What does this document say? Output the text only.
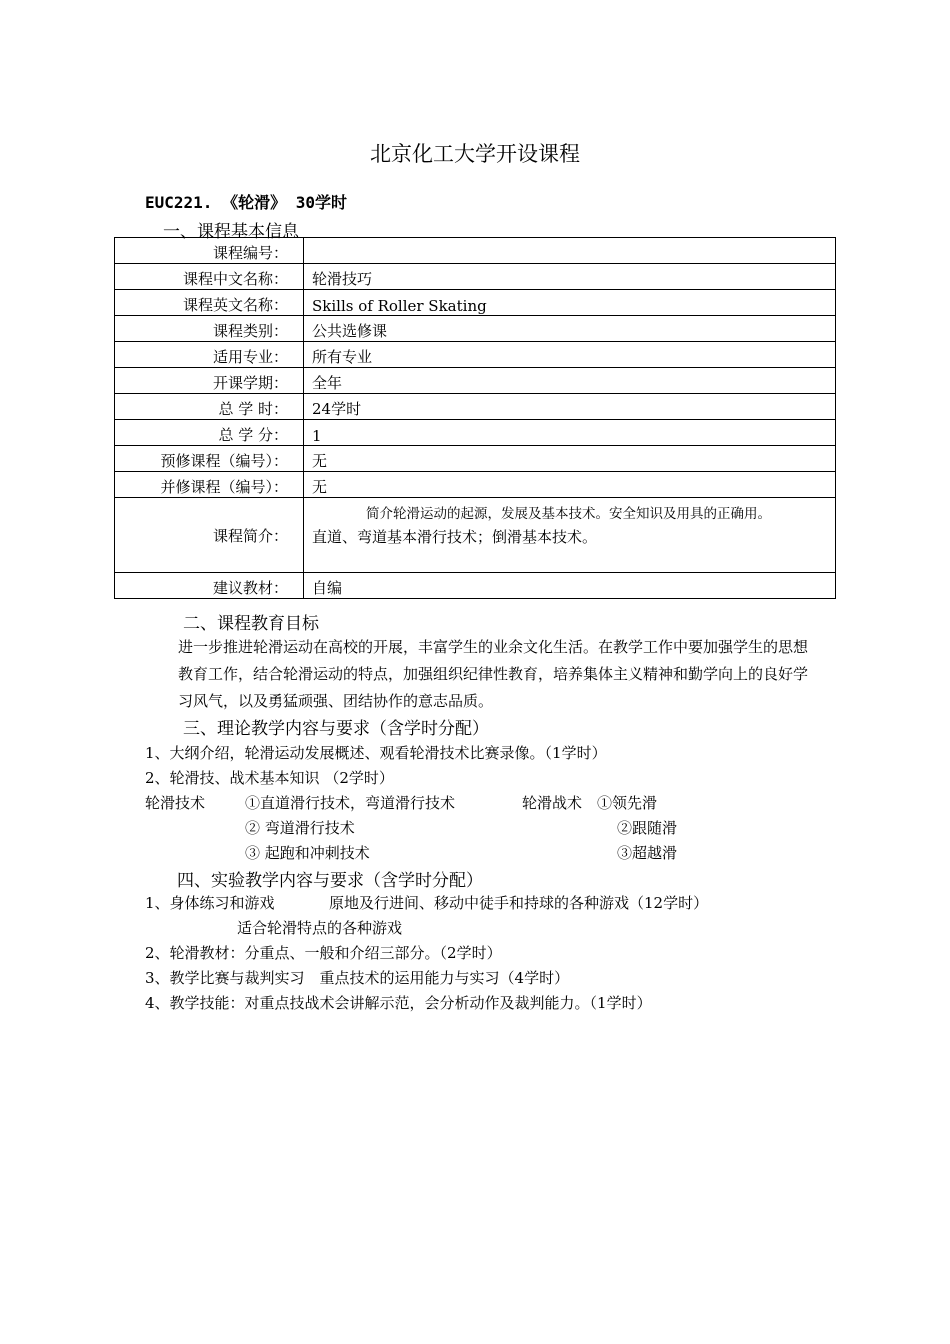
北京化工大学开设课程
EUC221. 《轮滑》 30学时
一、课程基本信息
课程编号：	
课程中文名称：	轮滑技巧
课程英文名称：	Skills of Roller Skating
课程类别：	公共选修课
适用专业：	所有专业
开课学期：	全年
总 学 时：	24学时
总 学 分：	1
预修课程（编号）：	无
并修课程（编号）：	无
课程简介：	简介轮滑运动的起源，发展及基本技术。安全知识及用具的正确用。
直道、弯道基本滑行技术；倒滑基本技术。

建议教材：	自编
二、课程教育目标
进一步推进轮滑运动在高校的开展，丰富学生的业余文化生活。在教学工作中要加强学生的思想教育工作，结合轮滑运动的特点，加强组织纪律性教育，培养集体主义精神和勤学向上的良好学习风气，以及勇猛顽强、团结协作的意志品质。
三、理论教学内容与要求（含学时分配）
1、大纲介绍，轮滑运动发展概述、观看轮滑技术比赛录像。（1学时）
2、轮滑技、战术基本知识 （2学时）
轮滑技术	①直道滑行技术，弯道滑行技术
② 弯道滑行技术
③ 起跑和冲刺技术
轮滑战术 ①领先滑
②跟随滑
③超越滑
四、实验教学内容与要求（含学时分配）
1、身体练习和游戏	原地及行进间、移动中徒手和持球的各种游戏（12学时）
适合轮滑特点的各种游戏
2、轮滑教材：分重点、一般和介绍三部分。（2学时）
3、教学比赛与裁判实习　重点技术的运用能力与实习（4学时）
4、教学技能：对重点技战术会讲解示范，会分析动作及裁判能力。（1学时）
